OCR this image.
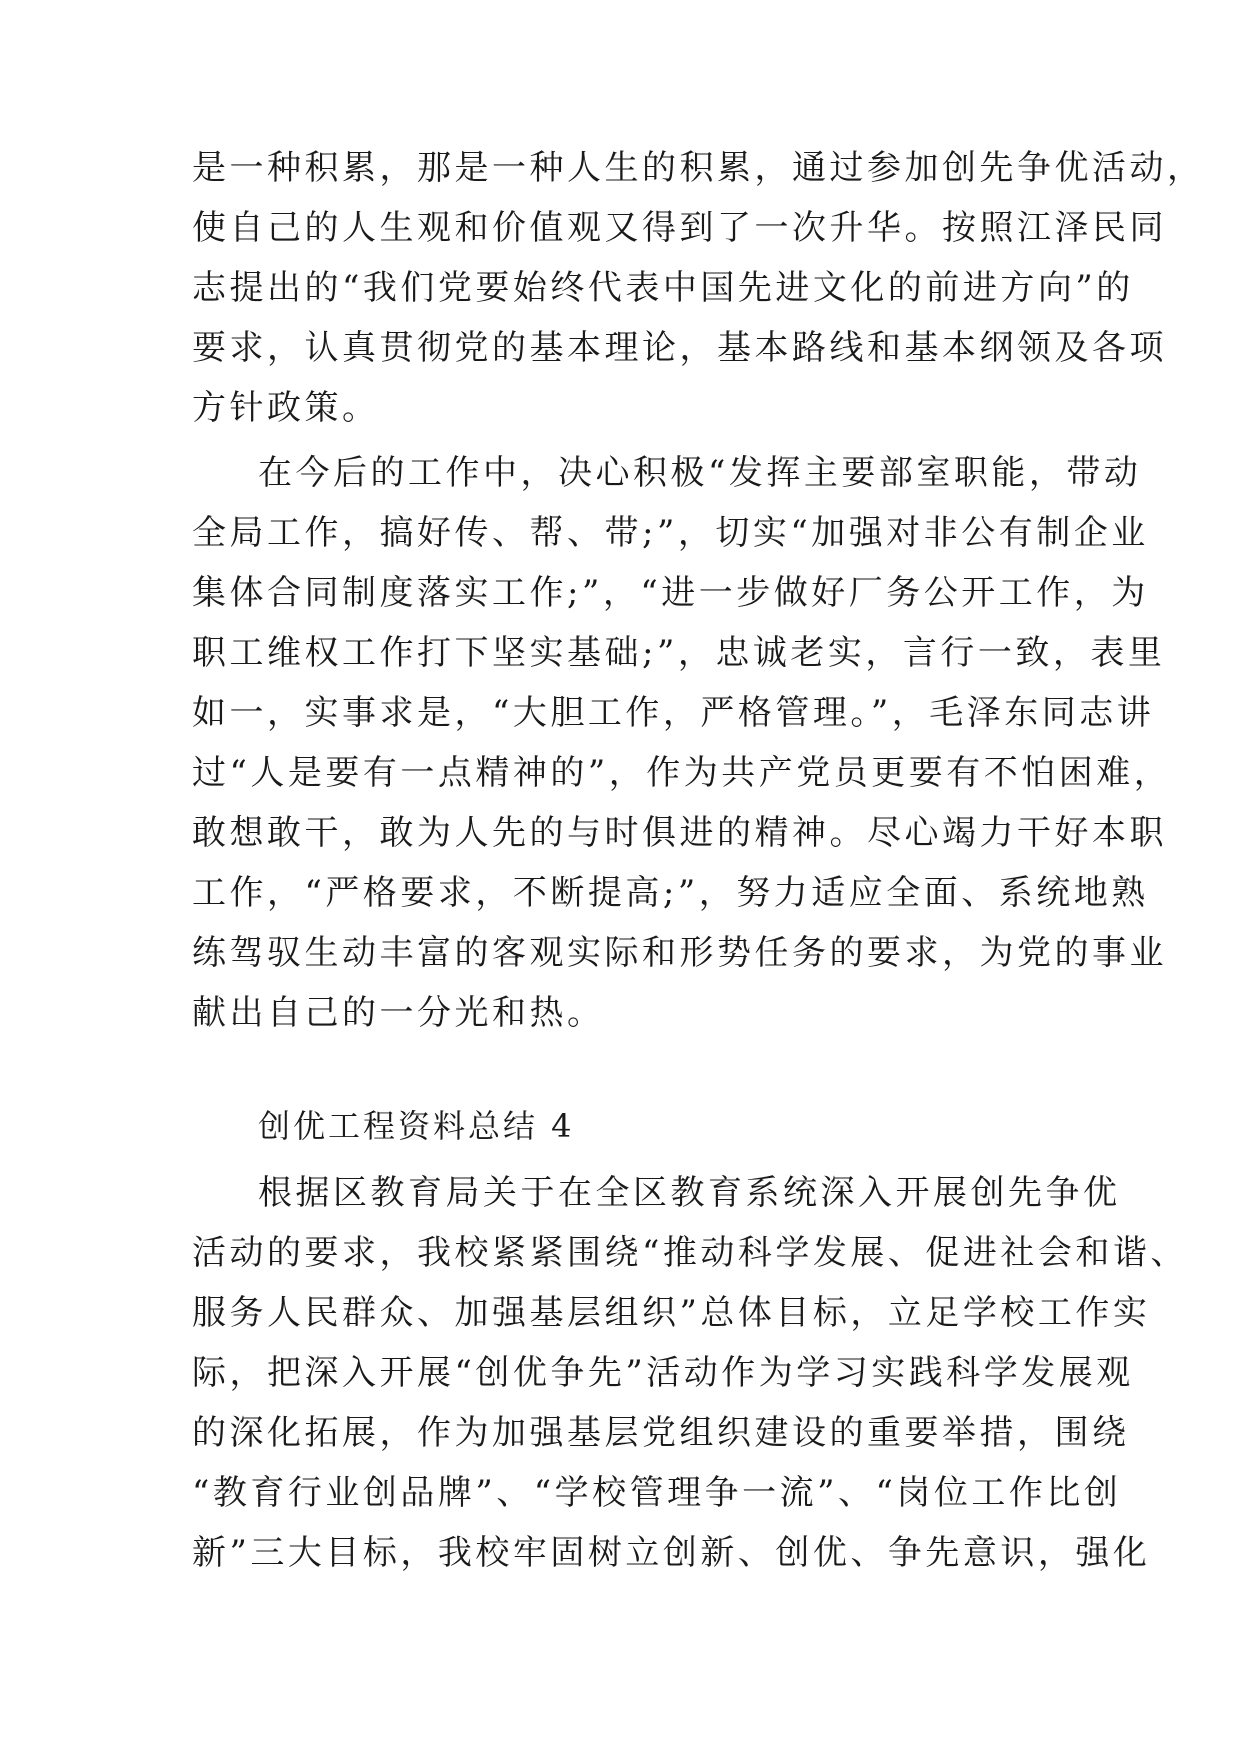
是一种积累，那是一种人生的积累，通过参加创先争优活动，
使自己的人生观和价值观又得到了一次升华。按照江泽民同
志提出的“我们党要始终代表中国先进文化的前进方向”的
要求，认真贯彻党的基本理论，基本路线和基本纲领及各项
方针政策。
在今后的工作中，决心积极“发挥主要部室职能，带动
全局工作，搞好传、帮、带;”，切实“加强对非公有制企业
集体合同制度落实工作;”，“进一步做好厂务公开工作，为
职工维权工作打下坚实基础;”，忠诚老实，言行一致，表里
如一，实事求是，“大胆工作，严格管理。”，毛泽东同志讲
过“人是要有一点精神的”，作为共产党员更要有不怕困难，
敢想敢干，敢为人先的与时俱进的精神。尽心竭力干好本职
工作，“严格要求，不断提高;”，努力适应全面、系统地熟
练驾驭生动丰富的客观实际和形势任务的要求，为党的事业
献出自己的一分光和热。
创优工程资料总结 4
根据区教育局关于在全区教育系统深入开展创先争优
活动的要求，我校紧紧围绕“推动科学发展、促进社会和谐、
服务人民群众、加强基层组织”总体目标，立足学校工作实
际，把深入开展“创优争先”活动作为学习实践科学发展观
的深化拓展，作为加强基层党组织建设的重要举措，围绕
“教育行业创品牌”、“学校管理争一流”、“岗位工作比创
新”三大目标，我校牢固树立创新、创优、争先意识，强化
